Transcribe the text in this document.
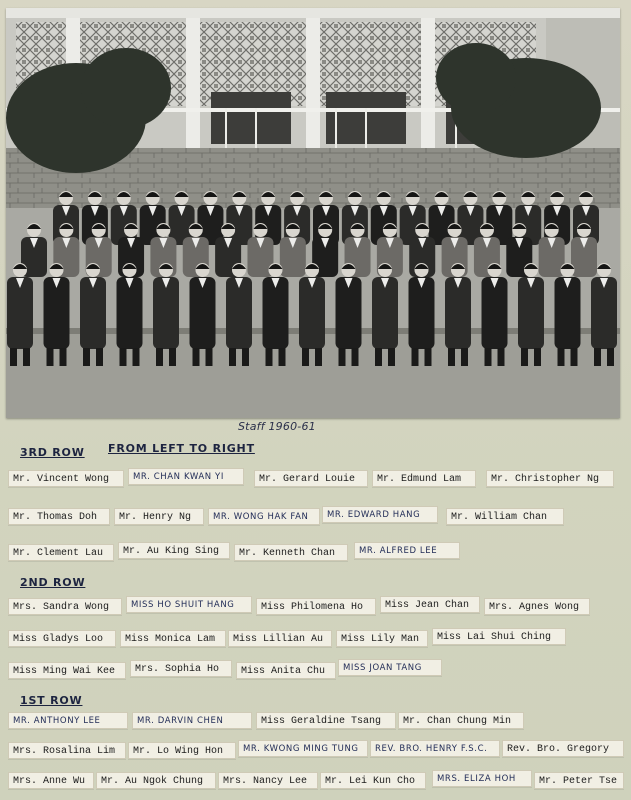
Staff 1960-61
3RD ROW FROM LEFT TO RIGHT
2ND ROW
1ST ROW
Mr. Vincent Wong	MR. CHAN KWAN YI	Mr. Gerard Louie	Mr. Edmund Lam	Mr. Christopher Ng
Mr. Thomas Doh	Mr. Henry Ng	MR. WONG HAK FAN	MR. EDWARD HANG	Mr. William Chan
Mr. Clement Lau	Mr. Au King Sing	Mr. Kenneth Chan	MR. ALFRED LEE
Mrs. Sandra Wong	MISS HO SHUIT HANG	Miss Philomena Ho	Miss Jean Chan	Mrs. Agnes Wong
Miss Gladys Loo	Miss Monica Lam	Miss Lillian Au	Miss Lily Man	Miss Lai Shui Ching
Miss Ming Wai Kee	Mrs. Sophia Ho	Miss Anita Chu	MISS JOAN TANG
MR. ANTHONY LEE	MR. DARVIN CHEN	Miss Geraldine Tsang	Mr. Chan Chung Min
Mrs. Rosalina Lim	Mr. Lo Wing Hon	MR. KWONG MING TUNG	REV. BRO. HENRY F.S.C.	Rev. Bro. Gregory
Mrs. Anne Wu	Mr. Au Ngok Chung	Mrs. Nancy Lee	Mr. Lei Kun Cho	MRS. ELIZA HOH	Mr. Peter Tse
